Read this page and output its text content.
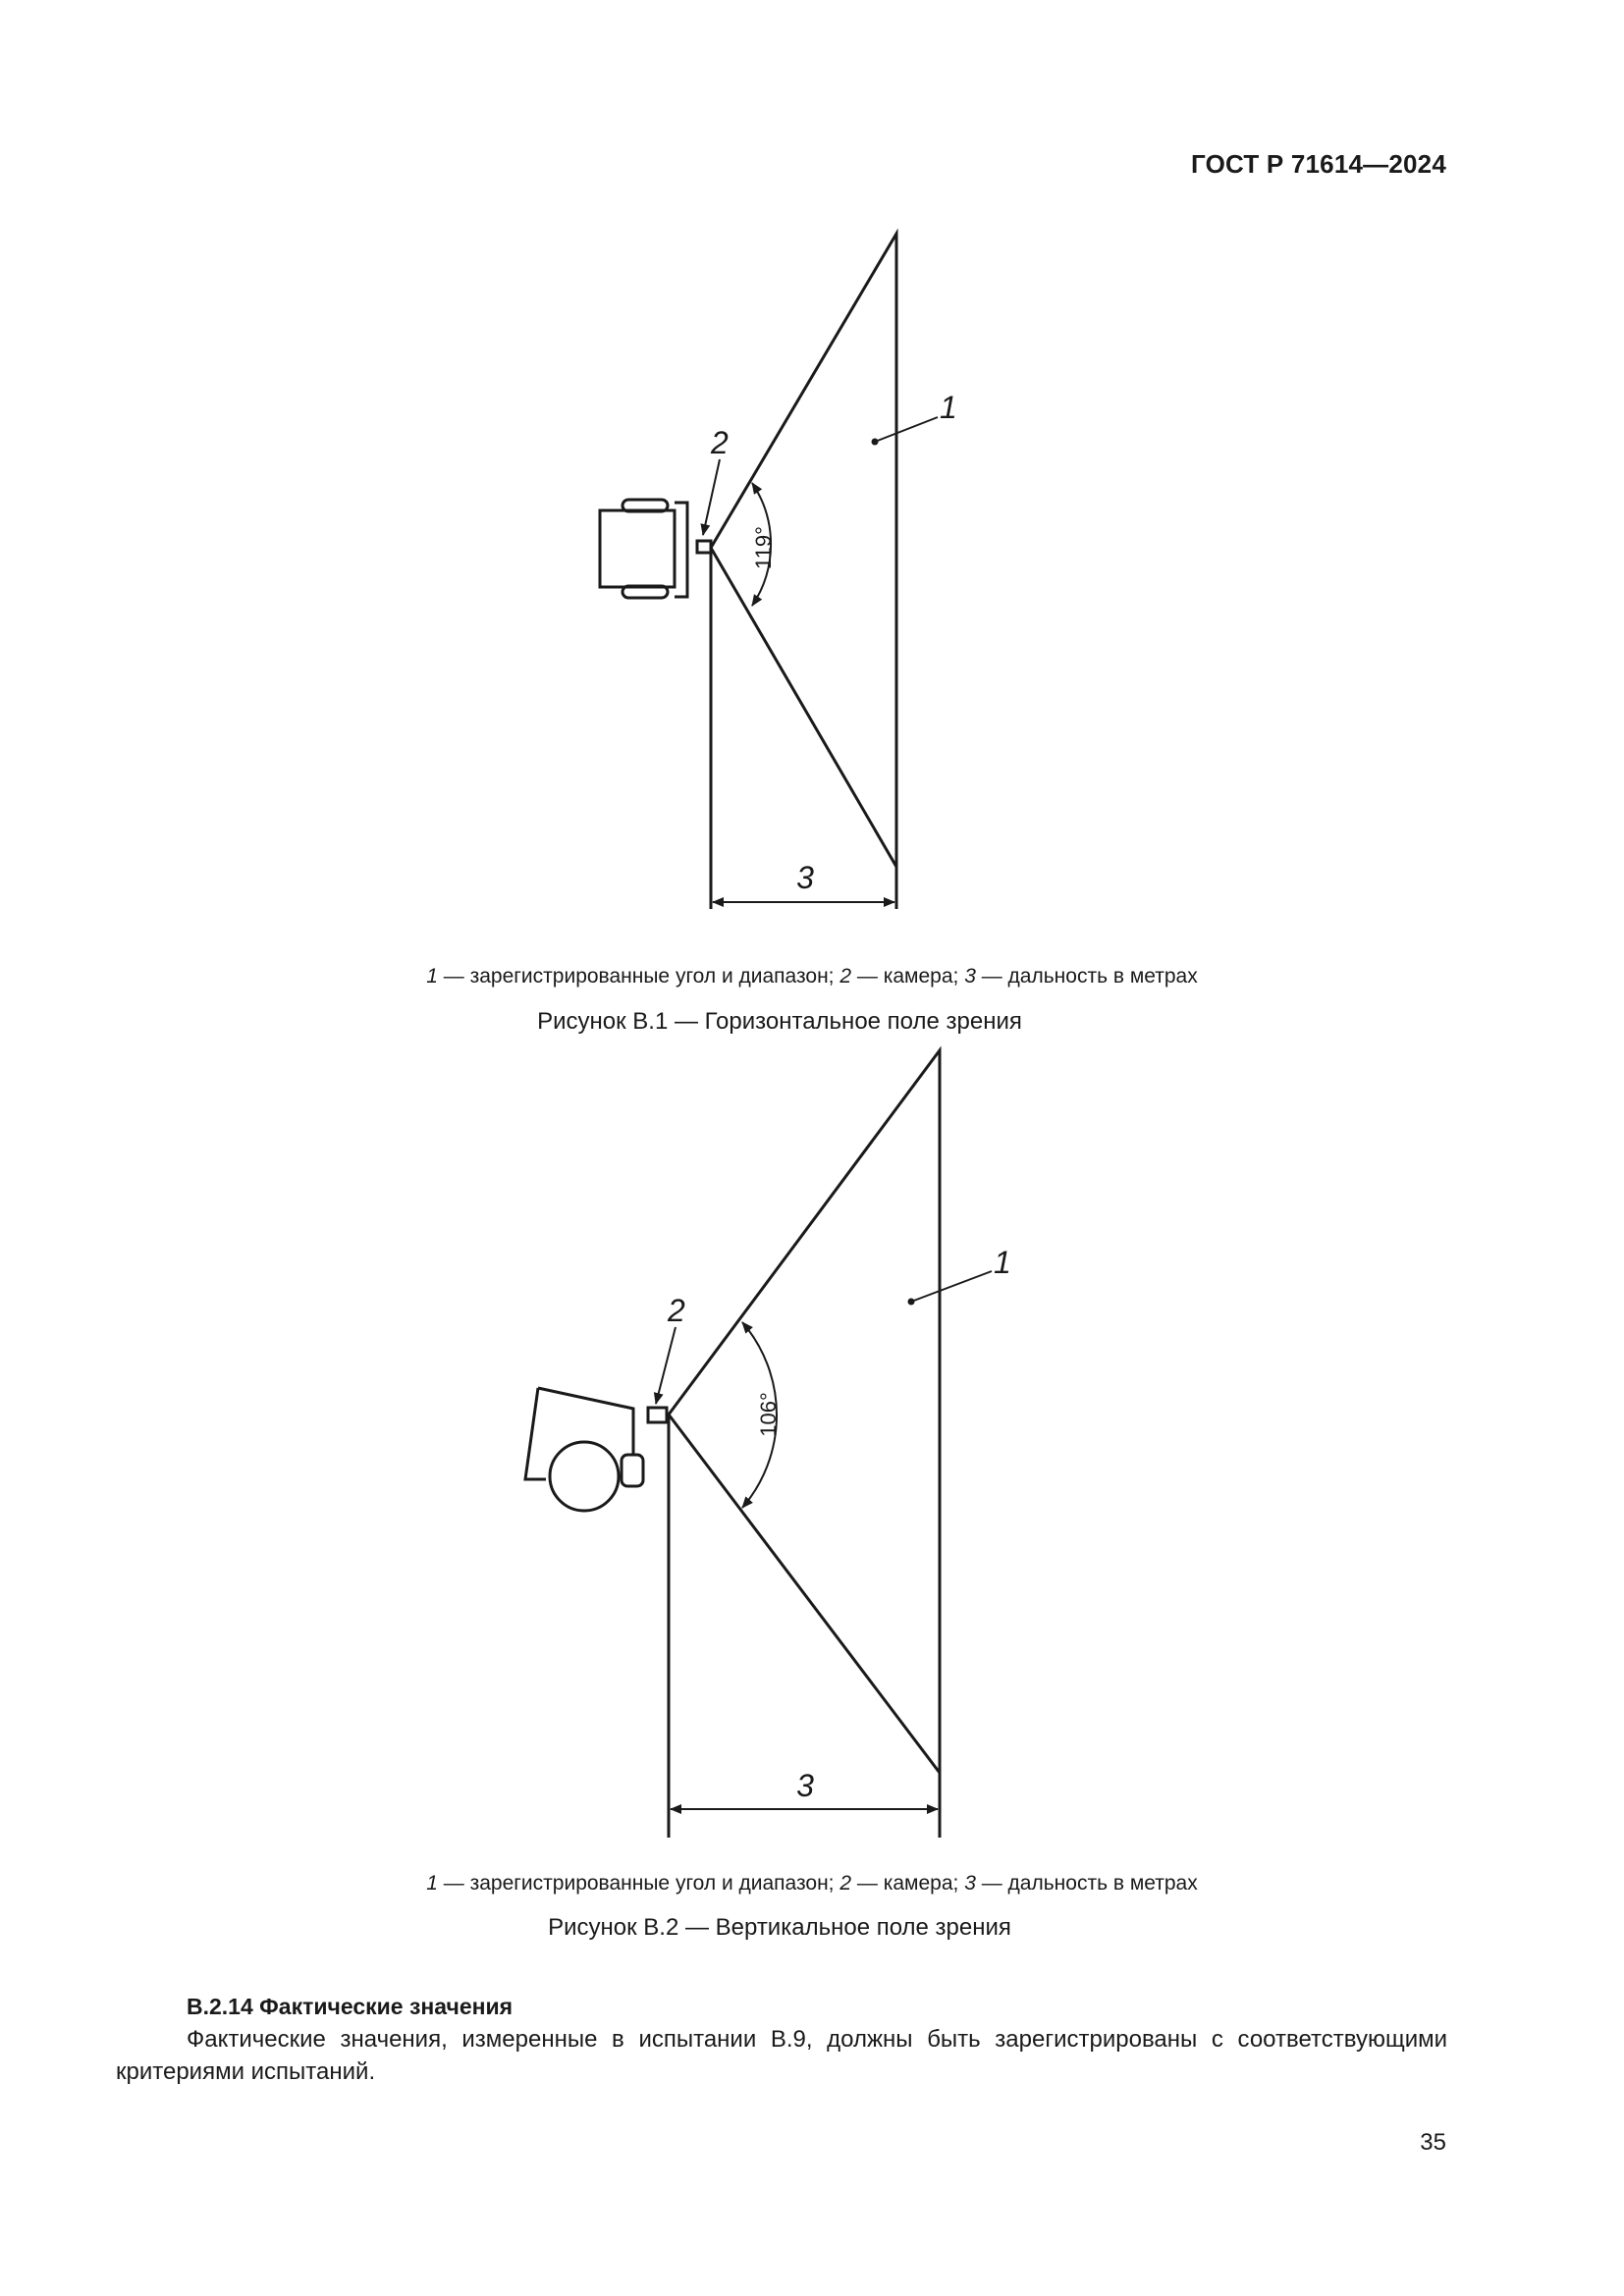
ГОСТ Р 71614—2024
119°
1
2
3
1 — зарегистрированные угол и диапазон; 2 — камера; 3 — дальность в метрах
Рисунок В.1 — Горизонтальное поле зрения
106°
1
2
3
1 — зарегистрированные угол и диапазон; 2 — камера; 3 — дальность в метрах
Рисунок В.2 — Вертикальное поле зрения
В.2.14 Фактические значения
Фактические значения, измеренные в испытании В.9, должны быть зарегистрированы с соответствующими критериями испытаний.
35
